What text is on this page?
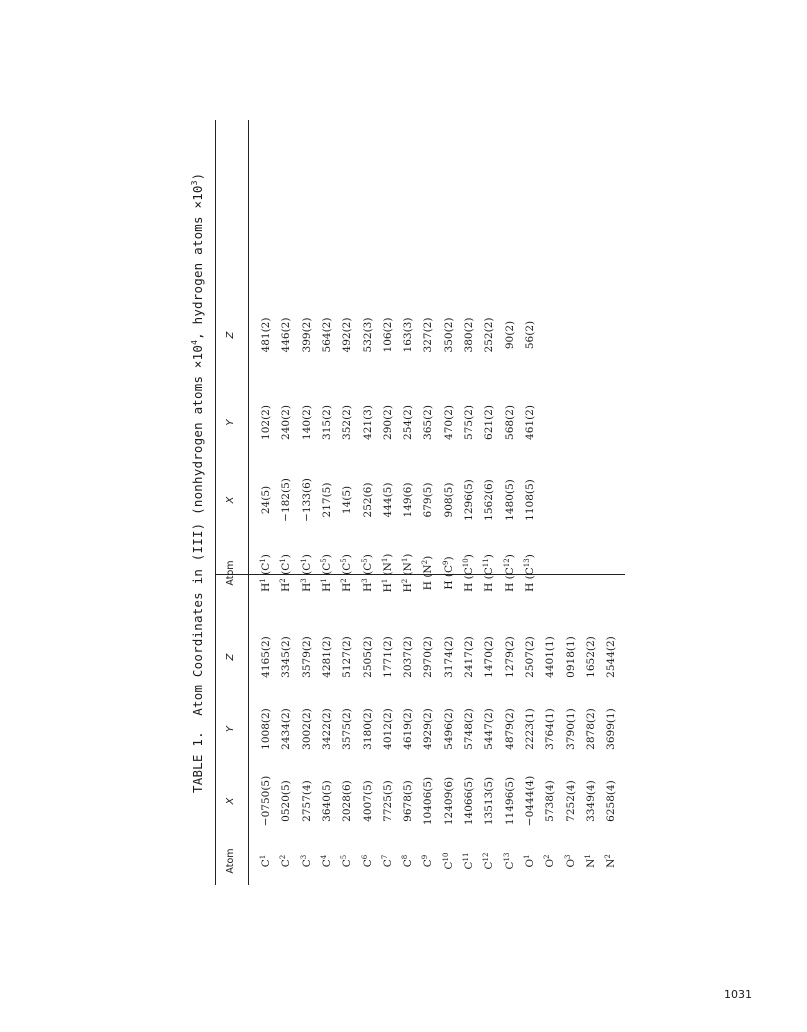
TABLE 1.  Atom Coordinates in (III) (nonhydrogen atoms $\times 10^4$, hydrogen atoms $\times 10^3$)
Atom
X
Y
Z
Atom
X
Y
Z
$C^1$
−0750(5)
1008(2)
4165(2)
$C^2$
0520(5)
2434(2)
3345(2)
$C^3$
2757(4)
3002(2)
3579(2)
$C^4$
3640(5)
3422(2)
4281(2)
$C^5$
2028(6)
3575(2)
5127(2)
$C^6$
4007(5)
3180(2)
2505(2)
$C^7$
7725(5)
4012(2)
1771(2)
$C^8$
9678(5)
4619(2)
2037(2)
$C^9$
10406(5)
4929(2)
2970(2)
$C^{10}$
12409(6)
5496(2)
3174(2)
$C^{11}$
14066(5)
5748(2)
2417(2)
$C^{12}$
13513(5)
5447(2)
1470(2)
$C^{13}$
11496(5)
4879(2)
1279(2)
$O^1$
−0444(4)
2223(1)
2507(2)
$O^2$
5738(4)
3764(1)
4401(1)
$O^3$
7252(4)
3790(1)
0918(1)
$N^1$
3349(4)
2878(2)
1652(2)
$N^2$
6258(4)
3699(1)
2544(2)
$H^1$ $(C^1)$
24(5)
102(2)
481(2)
$H^2$ $(C^1)$
−182(5)
240(2)
446(2)
$H^3$ $(C^1)$
−133(6)
140(2)
399(2)
$H^1$ $(C^5)$
217(5)
315(2)
564(2)
$H^2$ $(C^5)$
14(5)
352(2)
492(2)
$H^3$ $(C^5)$
252(6)
421(3)
532(3)
$H^1$ $(N^1)$
444(5)
290(2)
106(2)
$H^2$ $(N^1)$
149(6)
254(2)
163(3)
H $(N^2)$
679(5)
365(2)
327(2)
H $(C^9)$
908(5)
470(2)
350(2)
H $(C^{10})$
1296(5)
575(2)
380(2)
H $(C^{11})$
1562(6)
621(2)
252(2)
H $(C^{12})$
1480(5)
568(2)
90(2)
H $(C^{13})$
1108(5)
461(2)
56(2)
1031
